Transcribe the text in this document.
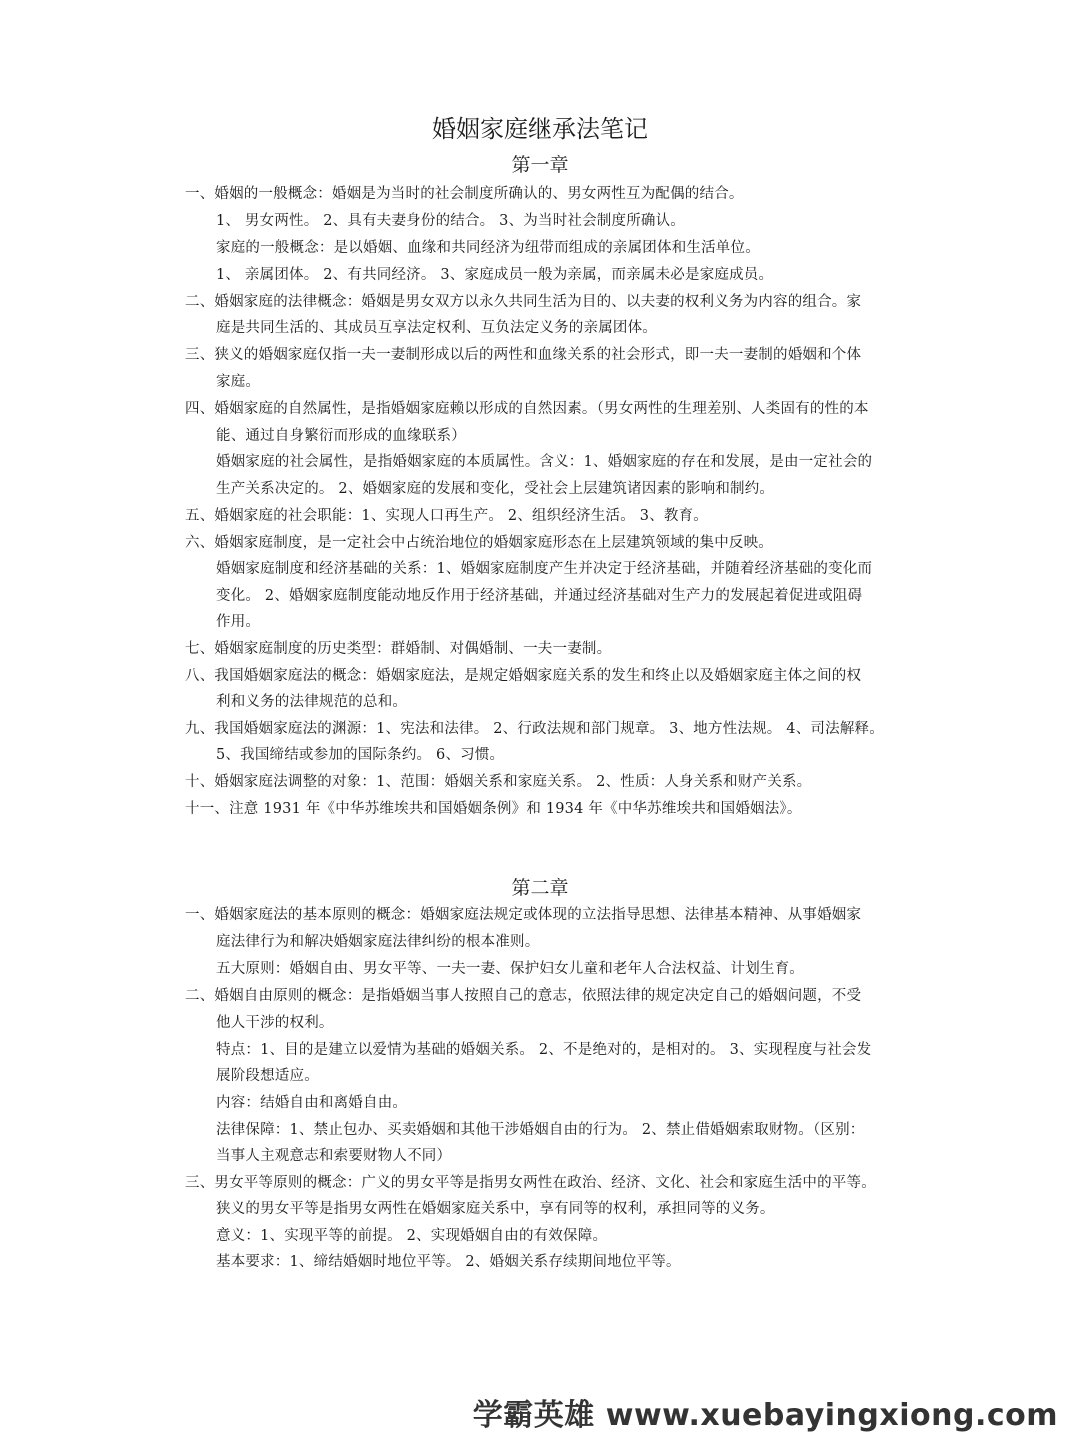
婚姻家庭继承法笔记
第一章
一、婚姻的一般概念：婚姻是为当时的社会制度所确认的、男女两性互为配偶的结合。
1、 男女两性。 2、具有夫妻身份的结合。 3、为当时社会制度所确认。
家庭的一般概念：是以婚姻、血缘和共同经济为纽带而组成的亲属团体和生活单位。
1、 亲属团体。 2、有共同经济。 3、家庭成员一般为亲属，而亲属未必是家庭成员。
二、婚姻家庭的法律概念：婚姻是男女双方以永久共同生活为目的、以夫妻的权利义务为内容的组合。家
庭是共同生活的、其成员互享法定权利、互负法定义务的亲属团体。
三、狭义的婚姻家庭仅指一夫一妻制形成以后的两性和血缘关系的社会形式，即一夫一妻制的婚姻和个体
家庭。
四、婚姻家庭的自然属性，是指婚姻家庭赖以形成的自然因素。（男女两性的生理差别、人类固有的性的本
能、通过自身繁衍而形成的血缘联系）
婚姻家庭的社会属性，是指婚姻家庭的本质属性。含义：1、婚姻家庭的存在和发展，是由一定社会的
生产关系决定的。 2、婚姻家庭的发展和变化，受社会上层建筑诸因素的影响和制约。
五、婚姻家庭的社会职能：1、实现人口再生产。 2、组织经济生活。 3、教育。
六、婚姻家庭制度，是一定社会中占统治地位的婚姻家庭形态在上层建筑领域的集中反映。
婚姻家庭制度和经济基础的关系：1、婚姻家庭制度产生并决定于经济基础，并随着经济基础的变化而
变化。 2、婚姻家庭制度能动地反作用于经济基础，并通过经济基础对生产力的发展起着促进或阻碍
作用。
七、婚姻家庭制度的历史类型：群婚制、对偶婚制、一夫一妻制。
八、我国婚姻家庭法的概念：婚姻家庭法，是规定婚姻家庭关系的发生和终止以及婚姻家庭主体之间的权
利和义务的法律规范的总和。
九、我国婚姻家庭法的渊源：1、宪法和法律。 2、行政法规和部门规章。 3、地方性法规。 4、司法解释。
5、我国缔结或参加的国际条约。 6、习惯。
十、婚姻家庭法调整的对象：1、范围：婚姻关系和家庭关系。 2、性质：人身关系和财产关系。
十一、注意 1931 年《中华苏维埃共和国婚姻条例》和 1934 年《中华苏维埃共和国婚姻法》。
第二章
一、婚姻家庭法的基本原则的概念：婚姻家庭法规定或体现的立法指导思想、法律基本精神、从事婚姻家
庭法律行为和解决婚姻家庭法律纠纷的根本准则。
五大原则：婚姻自由、男女平等、一夫一妻、保护妇女儿童和老年人合法权益、计划生育。
二、婚姻自由原则的概念：是指婚姻当事人按照自己的意志，依照法律的规定决定自己的婚姻问题，不受
他人干涉的权利。
特点：1、目的是建立以爱情为基础的婚姻关系。 2、不是绝对的，是相对的。 3、实现程度与社会发
展阶段想适应。
内容：结婚自由和离婚自由。
法律保障：1、禁止包办、买卖婚姻和其他干涉婚姻自由的行为。 2、禁止借婚姻索取财物。（区别：
当事人主观意志和索要财物人不同）
三、男女平等原则的概念：广义的男女平等是指男女两性在政治、经济、文化、社会和家庭生活中的平等。
狭义的男女平等是指男女两性在婚姻家庭关系中，享有同等的权利，承担同等的义务。
意义：1、实现平等的前提。 2、实现婚姻自由的有效保障。
基本要求：1、缔结婚姻时地位平等。 2、婚姻关系存续期间地位平等。
学霸英雄 www.xuebayingxiong.com
